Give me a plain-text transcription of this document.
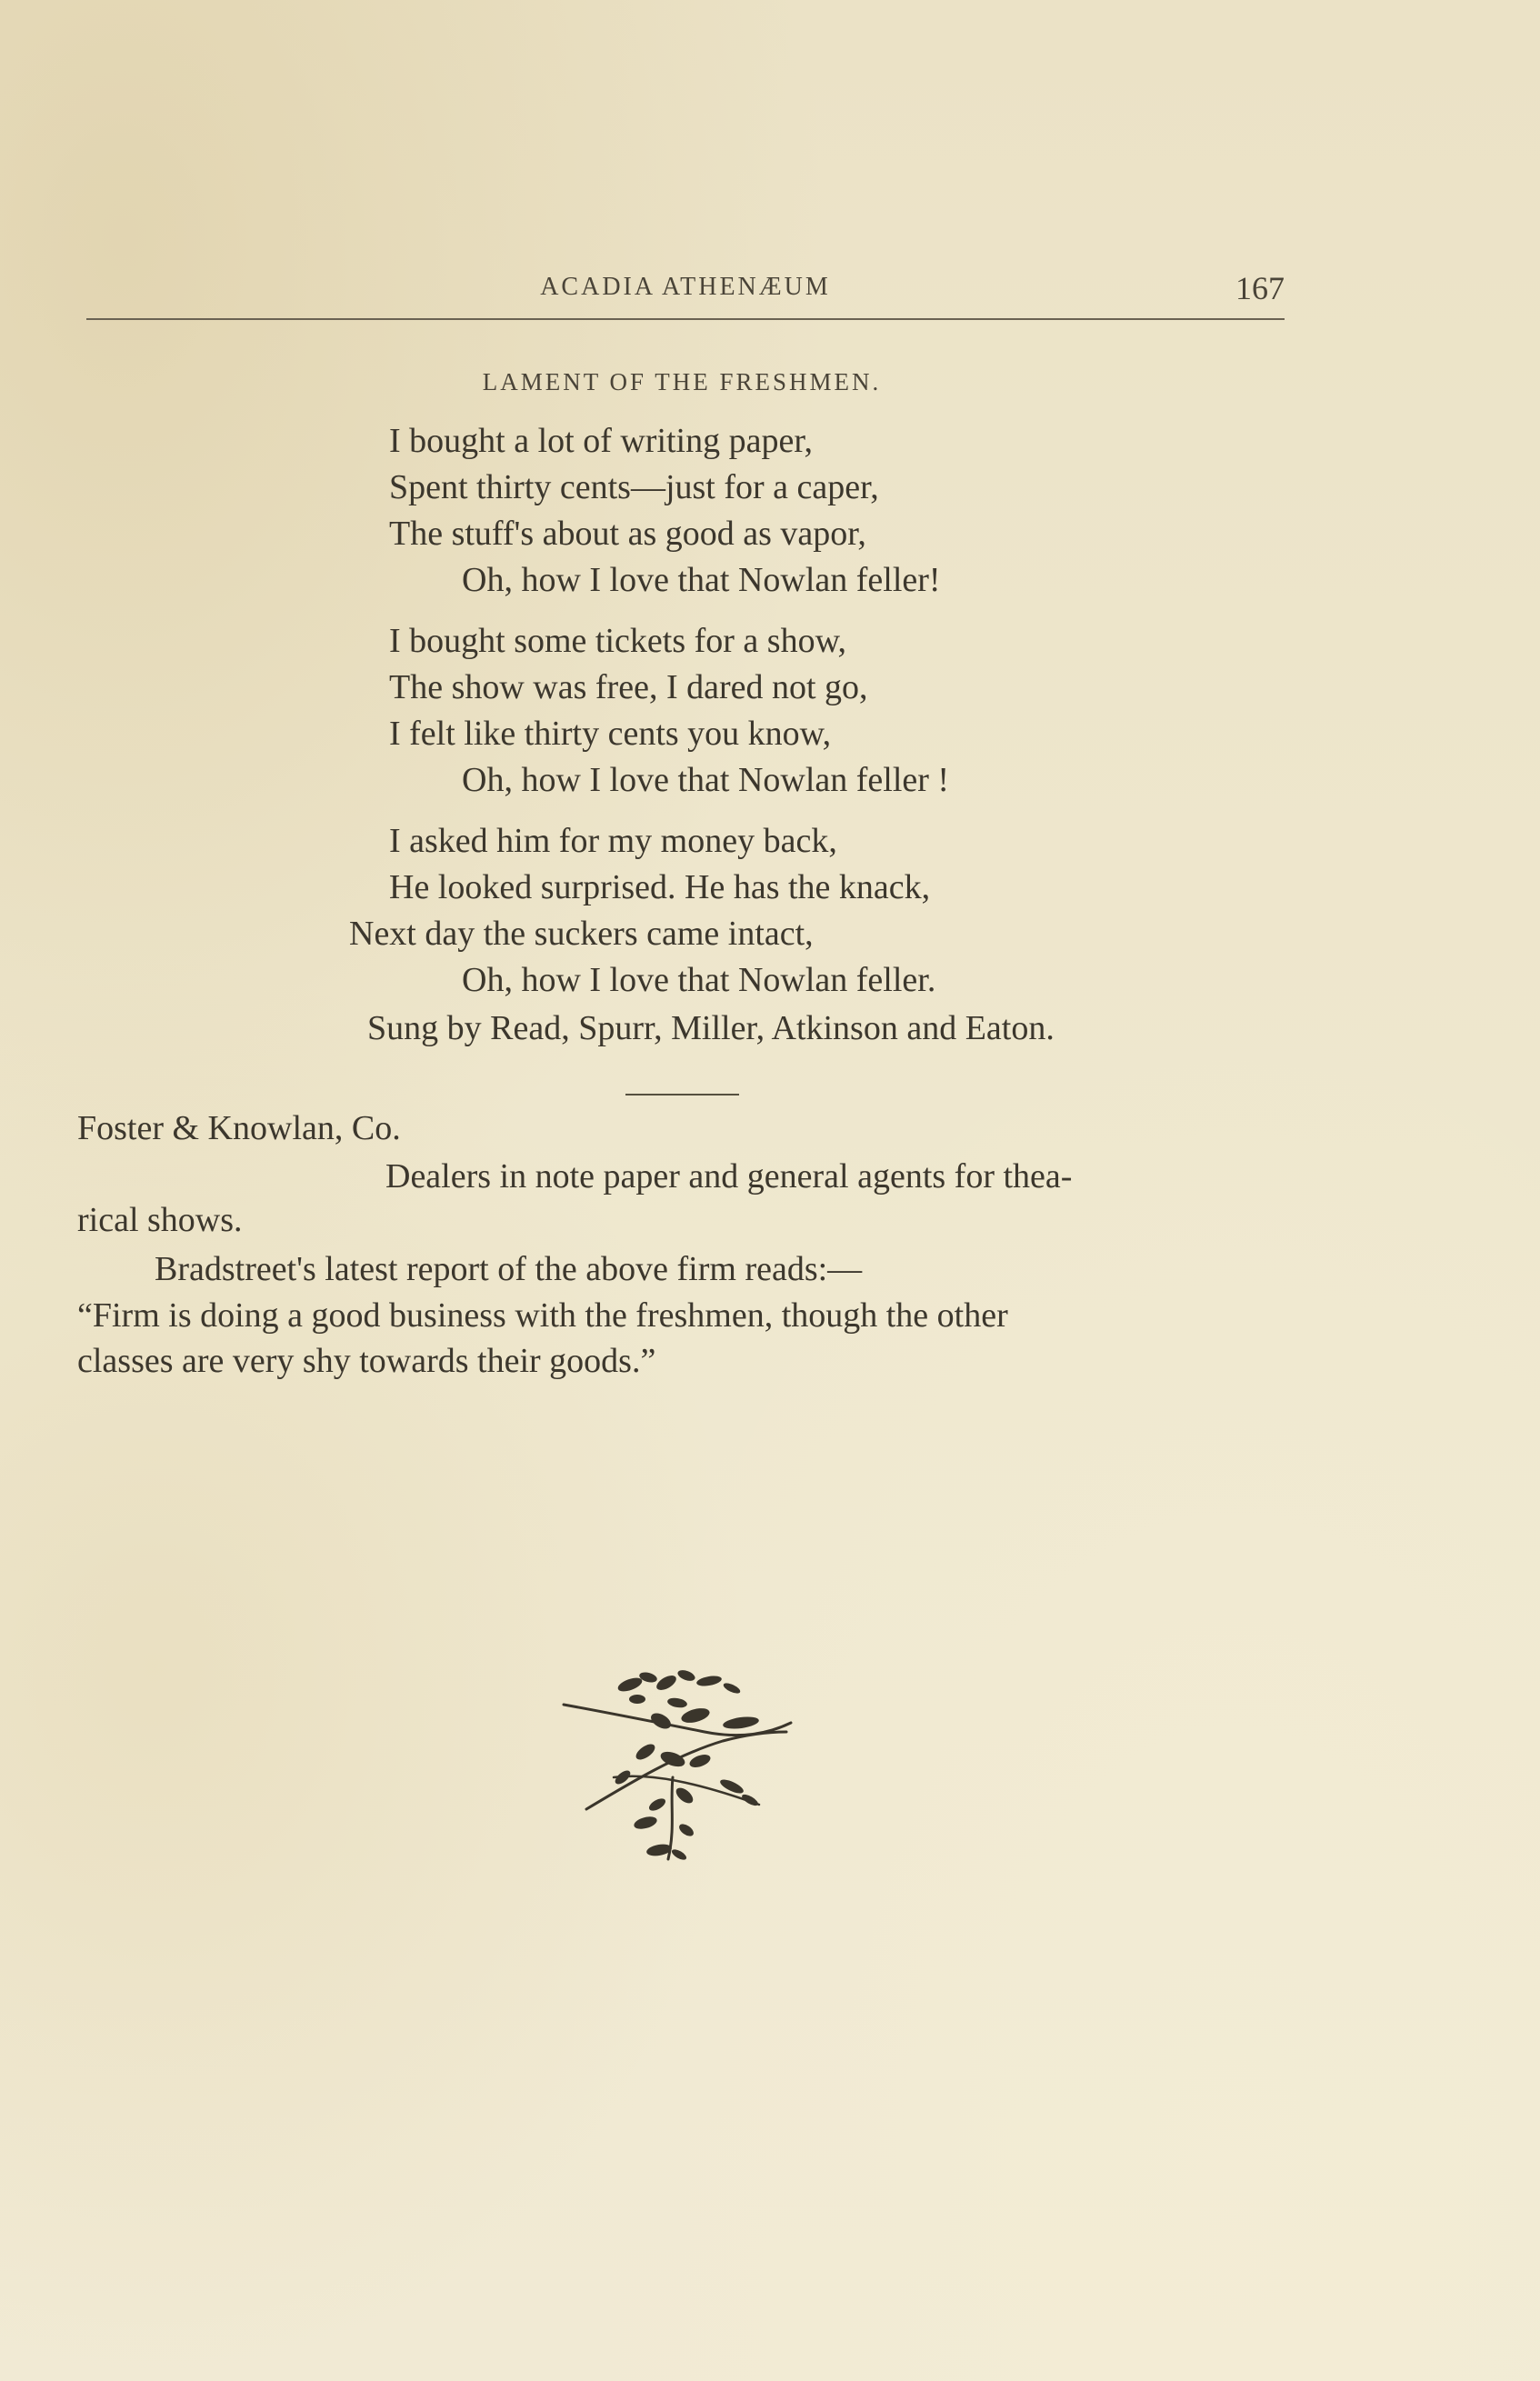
ACADIA ATHENÆUM	167
LAMENT OF THE FRESHMEN.
I bought a lot of writing paper,
Spent thirty cents—just for a caper,
The stuff's about as good as vapor,
Oh, how I love that Nowlan feller!
I bought some tickets for a show,
The show was free, I dared not go,
I felt like thirty cents you know,
Oh, how I love that Nowlan feller !
I asked him for my money back,
He looked surprised. He has the knack,
Next day the suckers came intact,
Oh, how I love that Nowlan feller.
Sung by Read, Spurr, Miller, Atkinson and Eaton.
Foster & Knowlan, Co.
Dealers in note paper and general agents for thea-
rical shows.
Bradstreet's latest report of the above firm reads:—
“Firm is doing a good business with the freshmen, though the other
classes are very shy towards their goods.”
